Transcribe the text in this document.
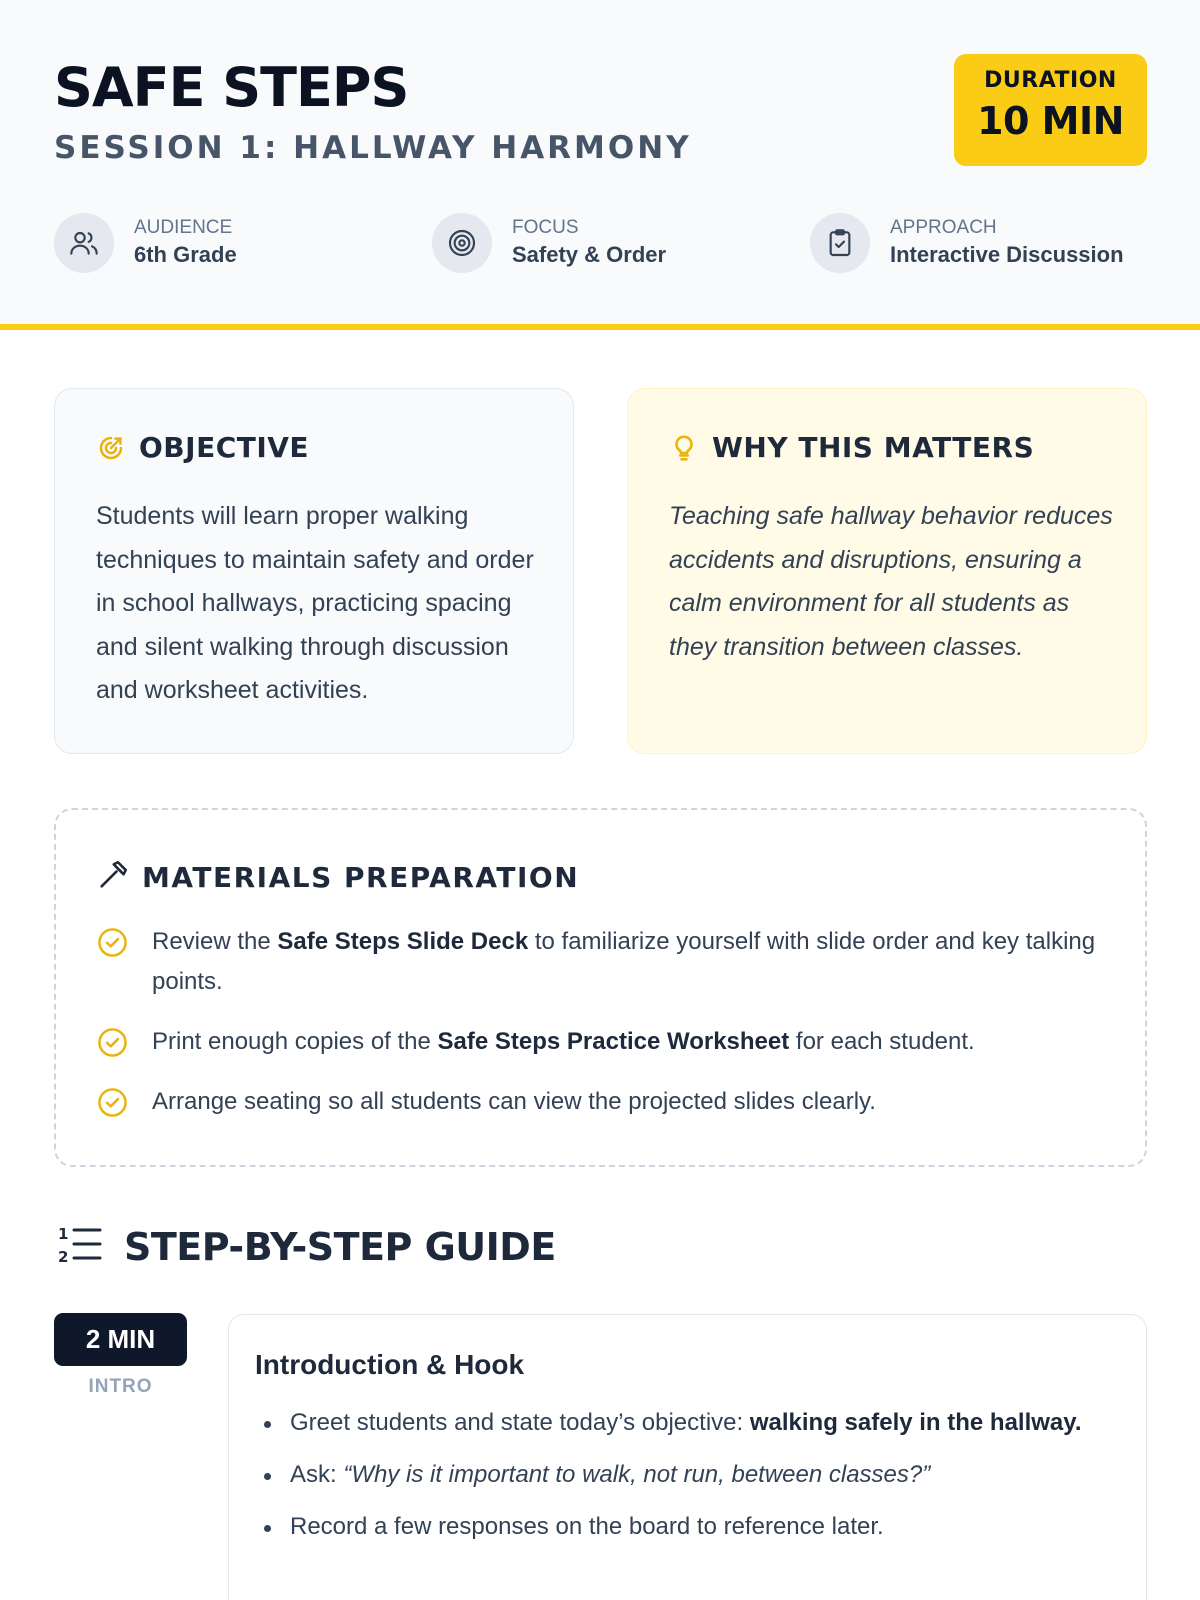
SAFE STEPS
SESSION 1: HALLWAY HARMONY
DURATION
10 MIN
AUDIENCE
6th Grade
FOCUS
Safety & Order
APPROACH
Interactive Discussion
OBJECTIVE

Students will learn proper walking techniques to maintain safety and order in school hallways, practicing spacing and silent walking through discussion and worksheet activities.

WHY THIS MATTERS

Teaching safe hallway behavior reduces accidents and disruptions, ensuring a calm environment for all students as they transition between classes.

MATERIALS PREPARATION
Review the Safe Steps Slide Deck to familiarize yourself with slide order and key talking points.
Print enough copies of the Safe Steps Practice Worksheet for each student.
Arrange seating so all students can view the projected slides clearly.
1
2 STEP-BY-STEP GUIDE
2 MIN
INTRO
Introduction & Hook
Greet students and state today’s objective: walking safely in the hallway.
Ask: “Why is it important to walk, not run, between classes?”
Record a few responses on the board to reference later.
